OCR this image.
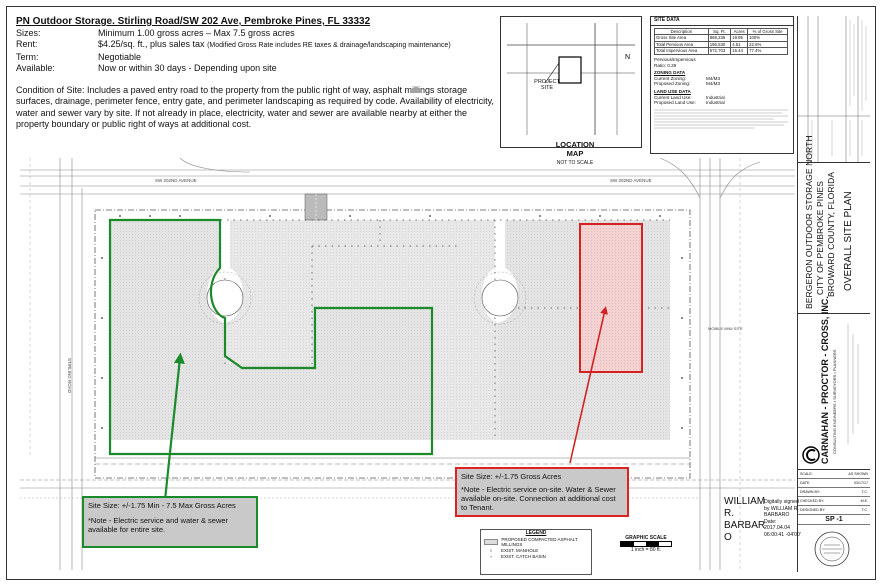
PN Outdoor Storage. Stirling Road/SW 202 Ave, Pembroke Pines, FL 33332
Sizes:	Minimum 1.00 gross acres – Max 7.5 gross acres
Rent:	$4.25/sq. ft., plus sales tax (Modified Gross Rate includes RE taxes & drainage/landscaping maintenance)
Term:	Negotiable
Available:	Now or within 30 days - Depending upon site
Condition of Site: Includes a paved entry road to the property from the public right of way, asphalt millings storage surfaces, drainage, perimeter fence, entry gate, and perimeter landscaping as required by code. Availability of electricity, water and sewer vary by site. If not already in place, electricity, water and sewer are available nearby at either the property boundary or public right of ways at additional cost.
N
PROJECT SITE
LOCATION MAP
NOT TO SCALE
SITE DATA
Description	Sq. Ft.	Acres	% of Gross Site
Gross Site Area	869,236	19.95	100%
Total Pervious Area	196,530	4.51	22.6%
Total Impervious Area	672,703	15.44	77.4%
Pervious/Impervious Ratio: 0.29
ZONING DATA
Current Zoning:	M4/M3
Proposed Zoning:	M4/M3
LAND USE DATA
Current Land Use:	Industrial
Proposed Land Use:	Industrial
BERGERON OUTDOOR STORAGE NORTH CITY OF PEMBROKE PINES BROWARD COUNTY, FLORIDA OVERALL SITE PLAN
CARNAHAN - PROCTOR - CROSS, INC. CONSULTING ENGINEERS • SURVEYORS • PLANNERS
SCALE:	AS SHOWN
DATE:	03/17/17
DRAWN BY:	T.C.
CHECKED BY:	M.E.
DESIGNED BY:	T.C.
SP -1
SW 202ND AVENUE	SW 202ND AVENUE
STIRLING ROAD
MOBILE MINI SITE
Site Size: +/-1.75 Min - 7.5 Max Gross Acres
*Note - Electric service and water & sewer available for entire site.
Site Size: +/-1.75 Gross Acres
*Note - Electric service on-site. Water & Sewer available on-site. Connection at additional cost to Tenant.
WILLIAM
R.
BARBAR
O
Digitally signed
by WILLIAM R.
BARBARO
Date:
2017.04.04
06:00:41 -04'00'
LEGEND
PROPOSED COMPACTED ASPHALT MILLINGS
○	EXIST. MANHOLE
▫	EXIST. CATCH BASIN
GRAPHIC SCALE
1 inch = 80 ft.
